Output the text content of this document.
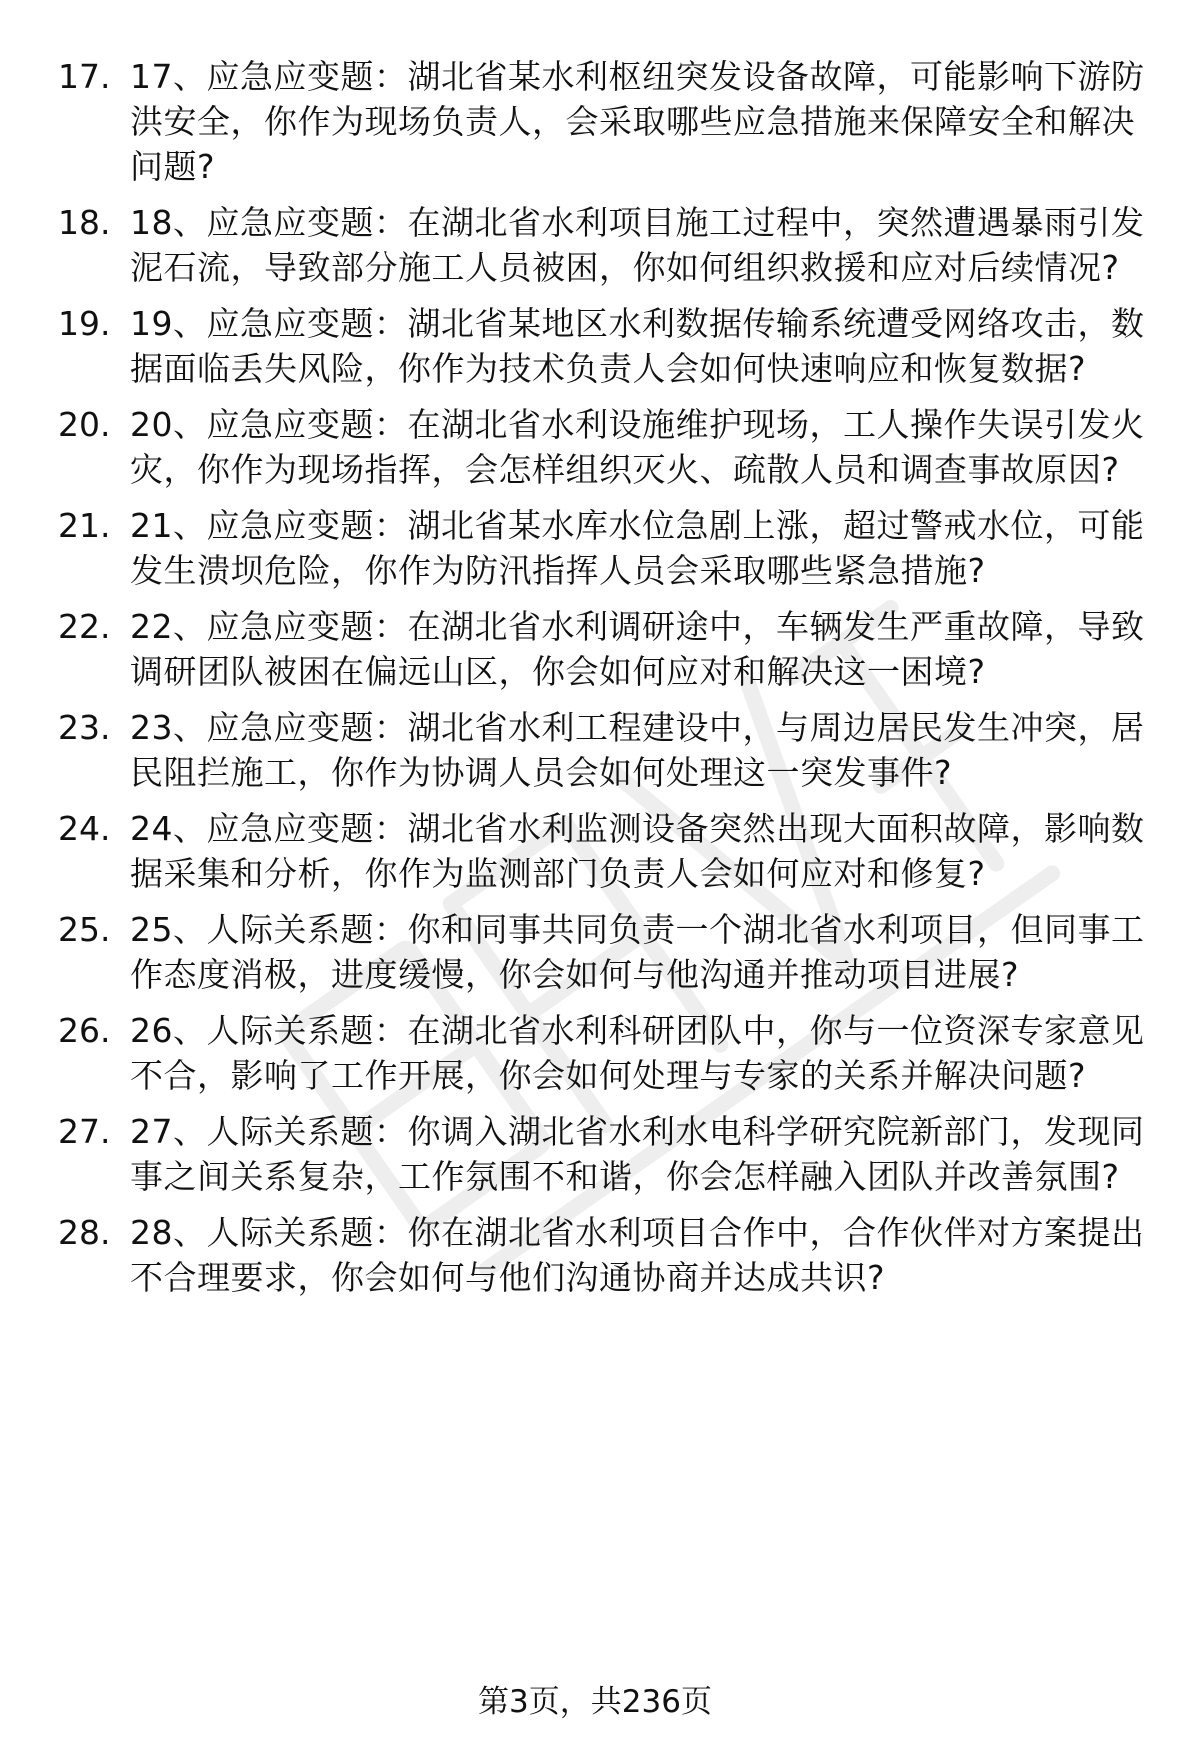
17. 17、应急应变题：湖北省某水利枢纽突发设备故障，可能影响下游防洪安全，你作为现场负责人，会采取哪些应急措施来保障安全和解决问题?
18. 18、应急应变题：在湖北省水利项目施工过程中，突然遭遇暴雨引发泥石流，导致部分施工人员被困，你如何组织救援和应对后续情况?
19. 19、应急应变题：湖北省某地区水利数据传输系统遭受网络攻击，数据面临丢失风险，你作为技术负责人会如何快速响应和恢复数据?
20. 20、应急应变题：在湖北省水利设施维护现场，工人操作失误引发火灾，你作为现场指挥，会怎样组织灭火、疏散人员和调查事故原因?
21. 21、应急应变题：湖北省某水库水位急剧上涨，超过警戒水位，可能发生溃坝危险，你作为防汛指挥人员会采取哪些紧急措施?
22. 22、应急应变题：在湖北省水利调研途中，车辆发生严重故障，导致调研团队被困在偏远山区，你会如何应对和解决这一困境?
23. 23、应急应变题：湖北省水利工程建设中，与周边居民发生冲突，居民阻拦施工，你作为协调人员会如何处理这一突发事件?
24. 24、应急应变题：湖北省水利监测设备突然出现大面积故障，影响数据采集和分析，你作为监测部门负责人会如何应对和修复?
25. 25、人际关系题：你和同事共同负责一个湖北省水利项目，但同事工作态度消极，进度缓慢，你会如何与他沟通并推动项目进展?
26. 26、人际关系题：在湖北省水利科研团队中，你与一位资深专家意见不合，影响了工作开展，你会如何处理与专家的关系并解决问题?
27. 27、人际关系题：你调入湖北省水利水电科学研究院新部门，发现同事之间关系复杂，工作氛围不和谐，你会怎样融入团队并改善氛围?
28. 28、人际关系题：你在湖北省水利项目合作中，合作伙伴对方案提出不合理要求，你会如何与他们沟通协商并达成共识?
第3页，共236页
